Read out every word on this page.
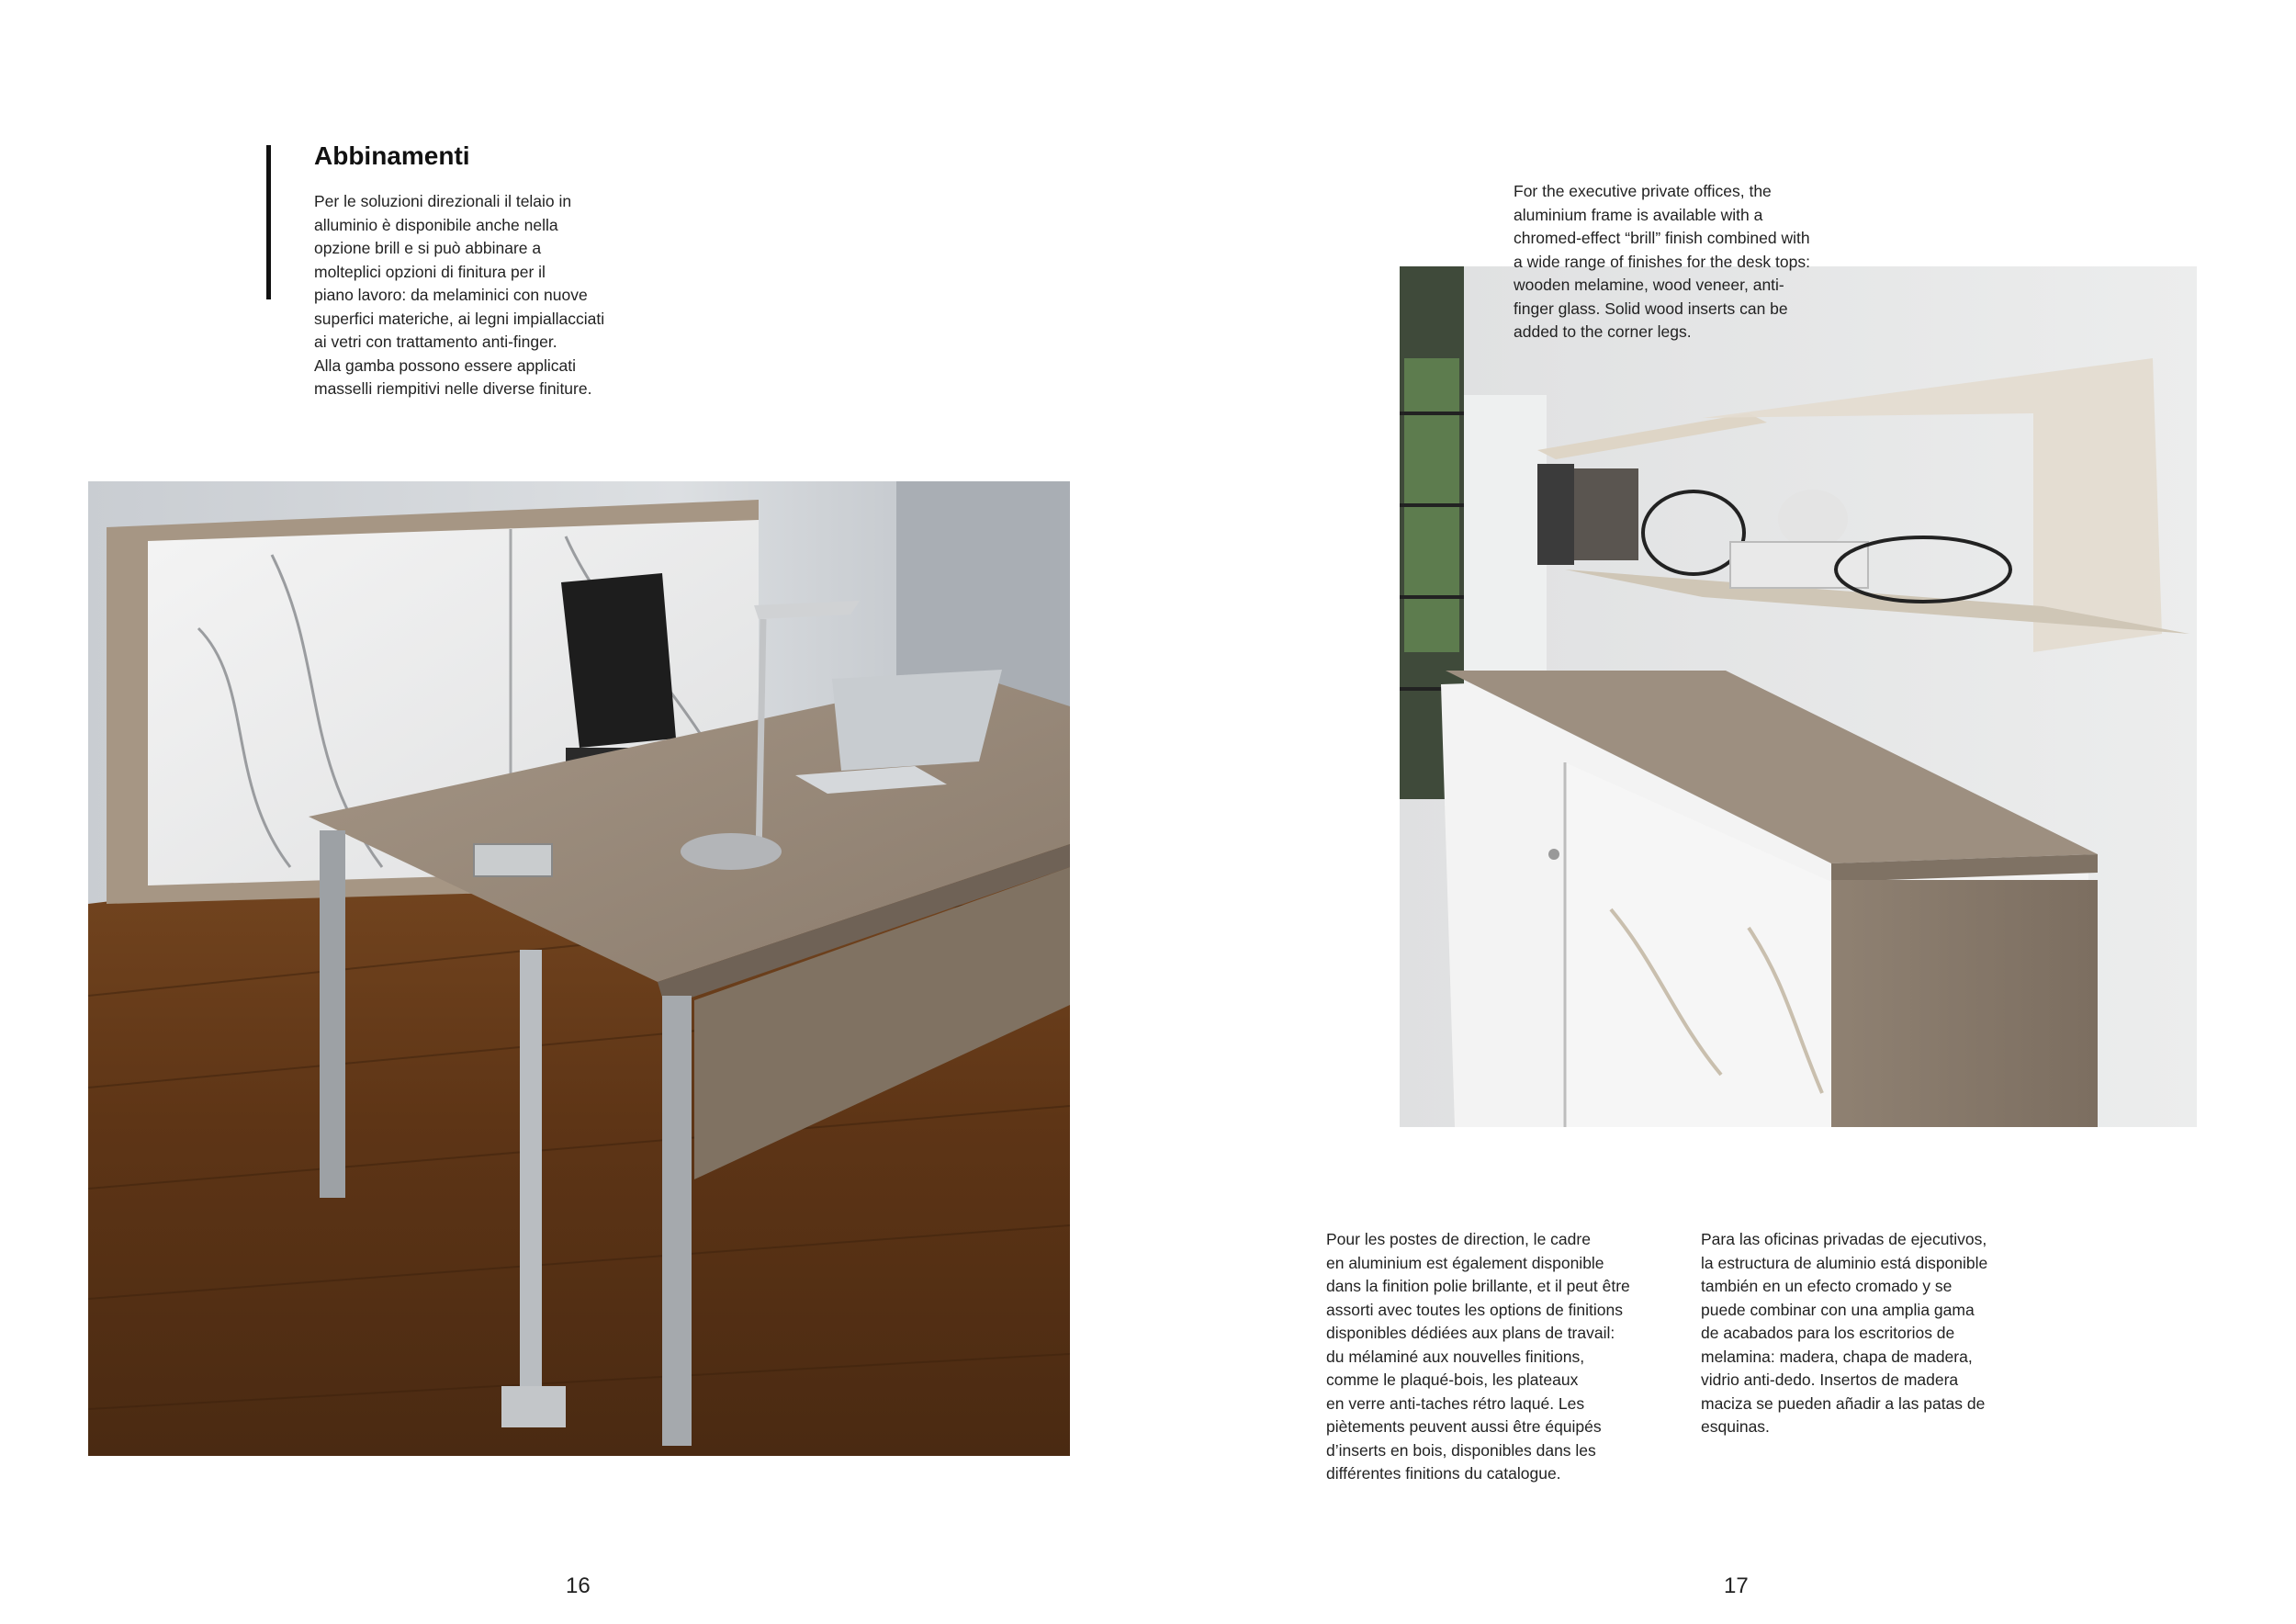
Abbinamenti

Per le soluzioni direzionali il telaio in
alluminio è disponibile anche nella
opzione brill e si può abbinare a
molteplici opzioni di finitura per il
piano lavoro: da melaminici con nuove
superfici materiche, ai legni impiallacciati
ai vetri con trattamento anti-finger.
Alla gamba possono essere applicati
masselli riempitivi nelle diverse finiture.

16

For the executive private offices, the
aluminium frame is available with a
chromed-effect “brill” finish combined with
a wide range of finishes for the desk tops:
wooden melamine, wood veneer, anti-
finger glass. Solid wood inserts can be
added to the corner legs.

Pour les postes de direction, le cadre
en aluminium est également disponible
dans la finition polie brillante, et il peut être
assorti avec toutes les options de finitions
disponibles dédiées aux plans de travail:
du mélaminé aux nouvelles finitions,
comme le plaqué-bois, les plateaux
en verre anti-taches rétro laqué. Les
piètements peuvent aussi être équipés
d’inserts en bois, disponibles dans les
différentes finitions du catalogue.

Para las oficinas privadas de ejecutivos,
la estructura de aluminio está disponible
también en un efecto cromado y se
puede combinar con una amplia gama
de acabados para los escritorios de
melamina: madera, chapa de madera,
vidrio anti-dedo. Insertos de madera
maciza se pueden añadir a las patas de
esquinas.

17
